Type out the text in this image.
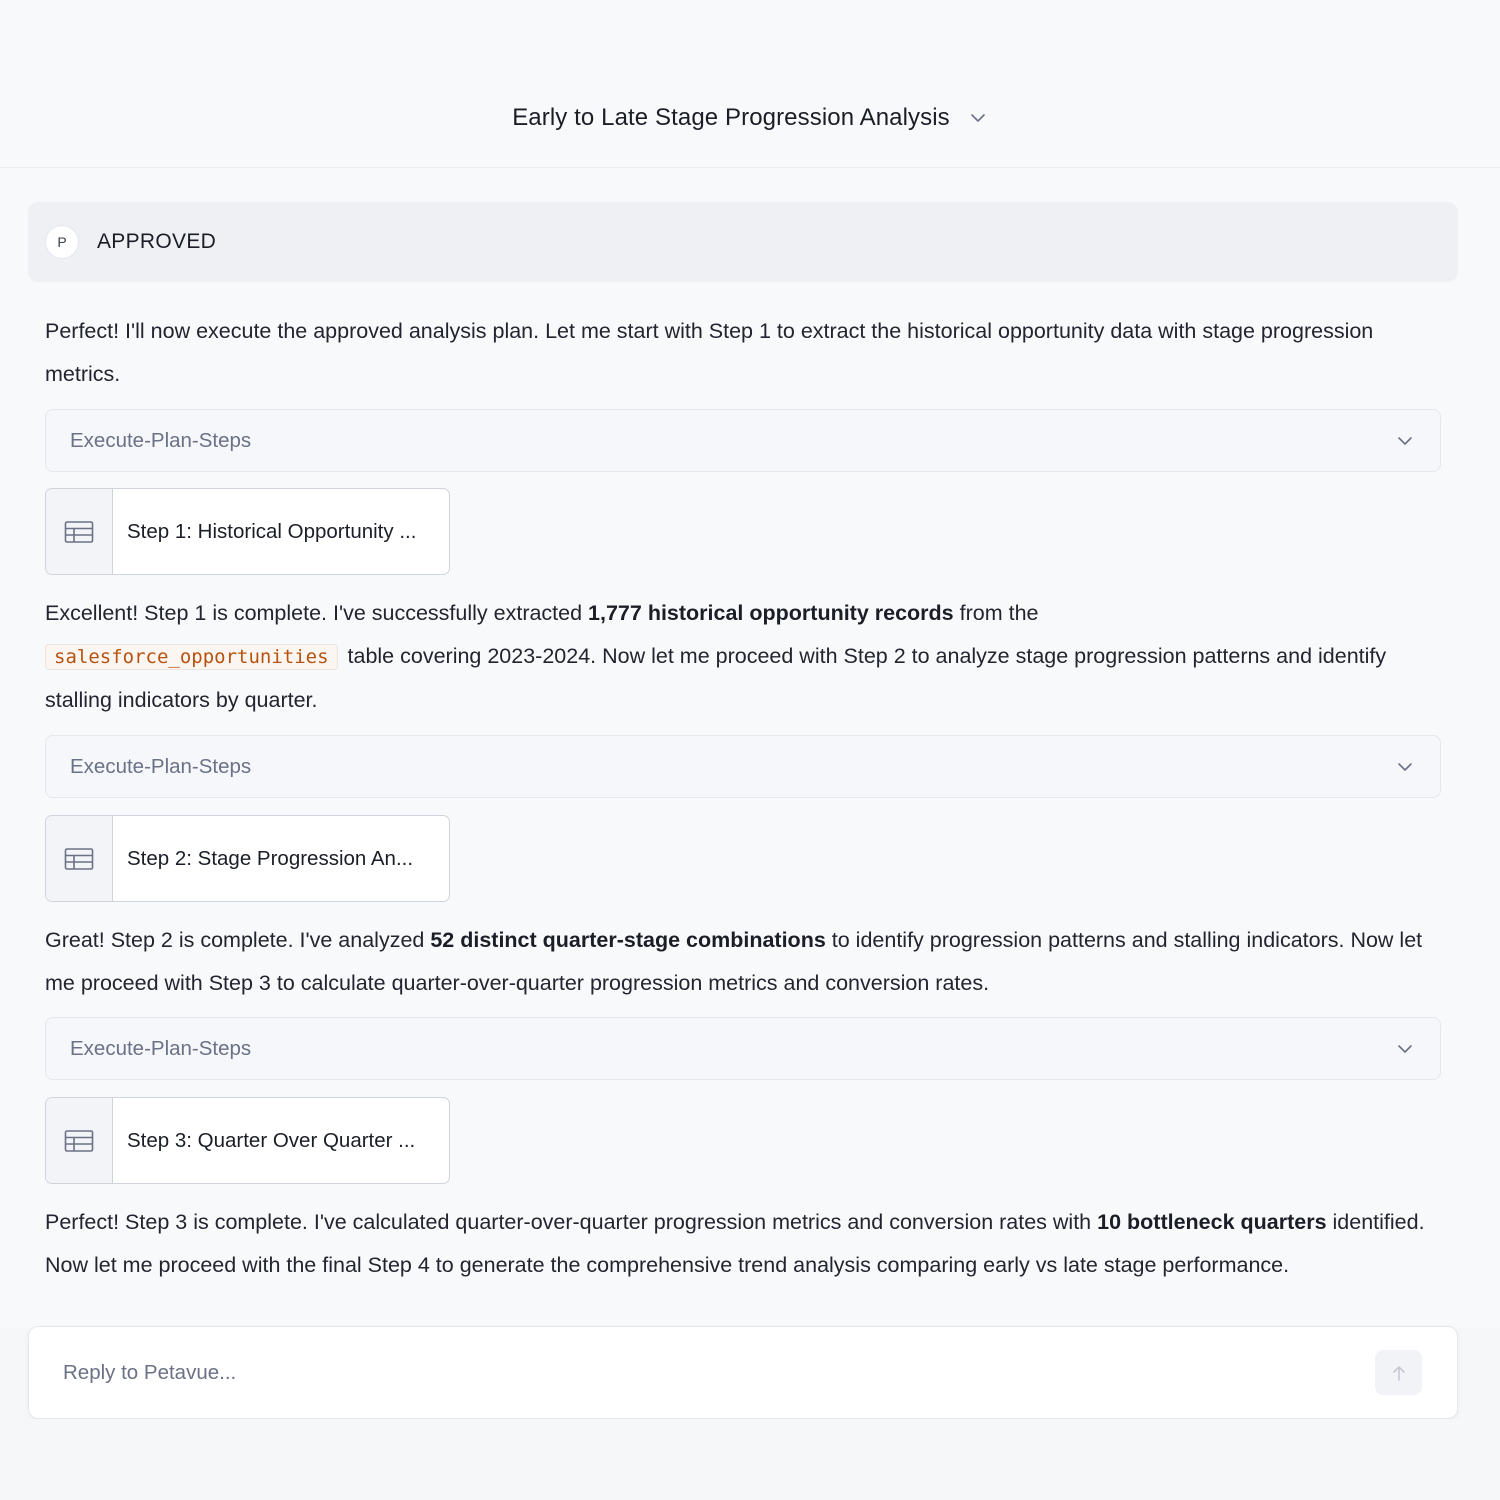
Early to Late Stage Progression Analysis
P	APPROVED

Perfect! I'll now execute the approved analysis plan. Let me start with Step 1 to extract the historical opportunity data with stage progression metrics.

Execute-Plan-Steps
Step 1: Historical Opportunity ...

Excellent! Step 1 is complete. I've successfully extracted 1,777 historical opportunity records from the
salesforce_opportunities table covering 2023-2024. Now let me proceed with Step 2 to analyze stage progression patterns and identify stalling indicators by quarter.

Execute-Plan-Steps
Step 2: Stage Progression An...

Great! Step 2 is complete. I've analyzed 52 distinct quarter-stage combinations to identify progression patterns and stalling indicators. Now let me proceed with Step 3 to calculate quarter-over-quarter progression metrics and conversion rates.

Execute-Plan-Steps
Step 3: Quarter Over Quarter ...

Perfect! Step 3 is complete. I've calculated quarter-over-quarter progression metrics and conversion rates with 10 bottleneck quarters identified. Now let me proceed with the final Step 4 to generate the comprehensive trend analysis comparing early vs late stage performance.

Reply to Petavue...
